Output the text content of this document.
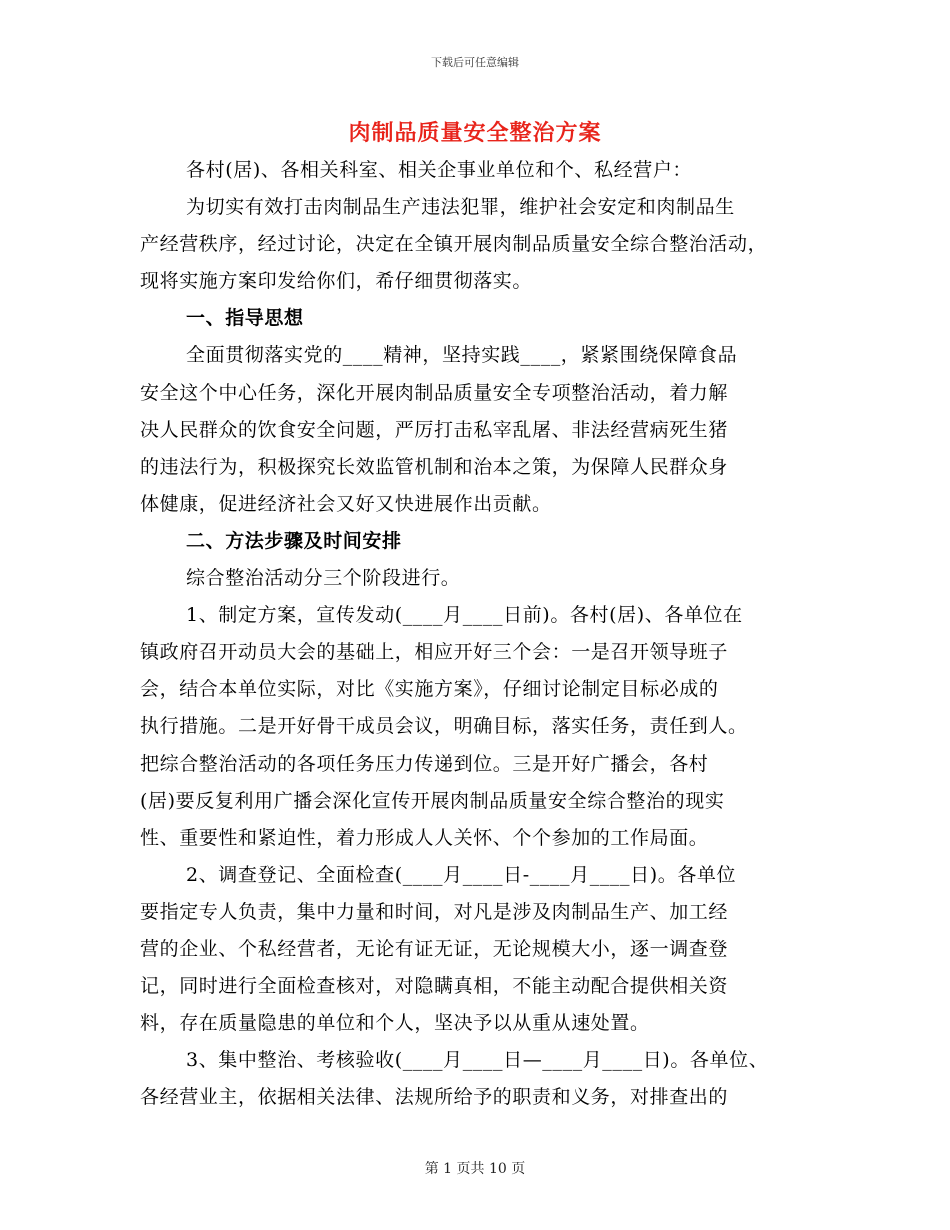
下载后可任意编辑
肉制品质量安全整治方案
各村(居)、各相关科室、相关企事业单位和个、私经营户：
为切实有效打击肉制品生产违法犯罪，维护社会安定和肉制品生
产经营秩序，经过讨论，决定在全镇开展肉制品质量安全综合整治活动，
现将实施方案印发给你们，希仔细贯彻落实。
一、指导思想
全面贯彻落实党的____精神，坚持实践____，紧紧围绕保障食品
安全这个中心任务，深化开展肉制品质量安全专项整治活动，着力解
决人民群众的饮食安全问题，严厉打击私宰乱屠、非法经营病死生猪
的违法行为，积极探究长效监管机制和治本之策，为保障人民群众身
体健康，促进经济社会又好又快进展作出贡献。
二、方法步骤及时间安排
综合整治活动分三个阶段进行。
1、制定方案，宣传发动(____月____日前)。各村(居)、各单位在
镇政府召开动员大会的基础上，相应开好三个会：一是召开领导班子
会，结合本单位实际，对比《实施方案》，仔细讨论制定目标必成的
执行措施。二是开好骨干成员会议，明确目标，落实任务，责任到人。
把综合整治活动的各项任务压力传递到位。三是开好广播会，各村
(居)要反复利用广播会深化宣传开展肉制品质量安全综合整治的现实
性、重要性和紧迫性，着力形成人人关怀、个个参加的工作局面。
2、调查登记、全面检查(____月____日-____月____日)。各单位
要指定专人负责，集中力量和时间，对凡是涉及肉制品生产、加工经
营的企业、个私经营者，无论有证无证，无论规模大小，逐一调查登
记，同时进行全面检查核对，对隐瞒真相，不能主动配合提供相关资
料，存在质量隐患的单位和个人，坚决予以从重从速处置。
3、集中整治、考核验收(____月____日—____月____日)。各单位、
各经营业主，依据相关法律、法规所给予的职责和义务，对排查出的
第 1 页共 10 页
